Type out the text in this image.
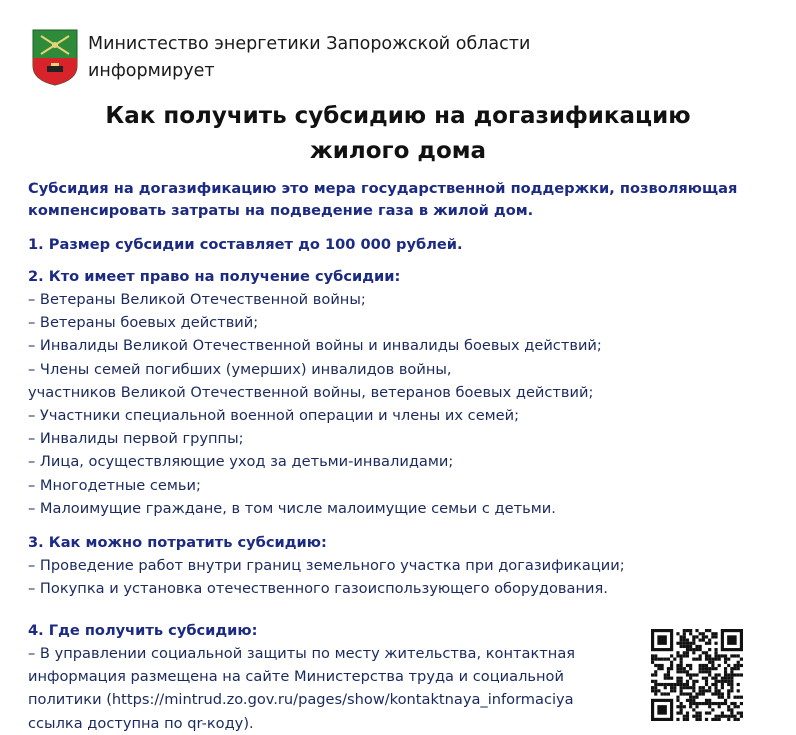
Министество энергетики Запорожской области
информирует
Как получить субсидию на догазификацию
жилого дома
Субсидия на догазификацию это мера государственной поддержки, позволяющая
компенсировать затраты на подведение газа в жилой дом.
1. Размер субсидии составляет до 100 000 рублей.
2. Кто имеет право на получение субсидии:
– Ветераны Великой Отечественной войны;
– Ветераны боевых действий;
– Инвалиды Великой Отечественной войны и инвалиды боевых действий;
– Члены семей погибших (умерших) инвалидов войны,
участников Великой Отечественной войны, ветеранов боевых действий;
– Участники специальной военной операции и члены их семей;
– Инвалиды первой группы;
– Лица, осуществляющие уход за детьми-инвалидами;
– Многодетные семьи;
– Малоимущие граждане, в том числе малоимущие семьи с детьми.
3. Как можно потратить субсидию:
– Проведение работ внутри границ земельного участка при догазификации;
– Покупка и установка отечественного газоиспользующего оборудования.
4. Где получить субсидию:
– В управлении социальной защиты по месту жительства, контактная
информация размещена на сайте Министерства труда и социальной
политики (https://mintrud.zo.gov.ru/pages/show/kontaktnaya_informaciya
ссылка доступна по qr-коду).
